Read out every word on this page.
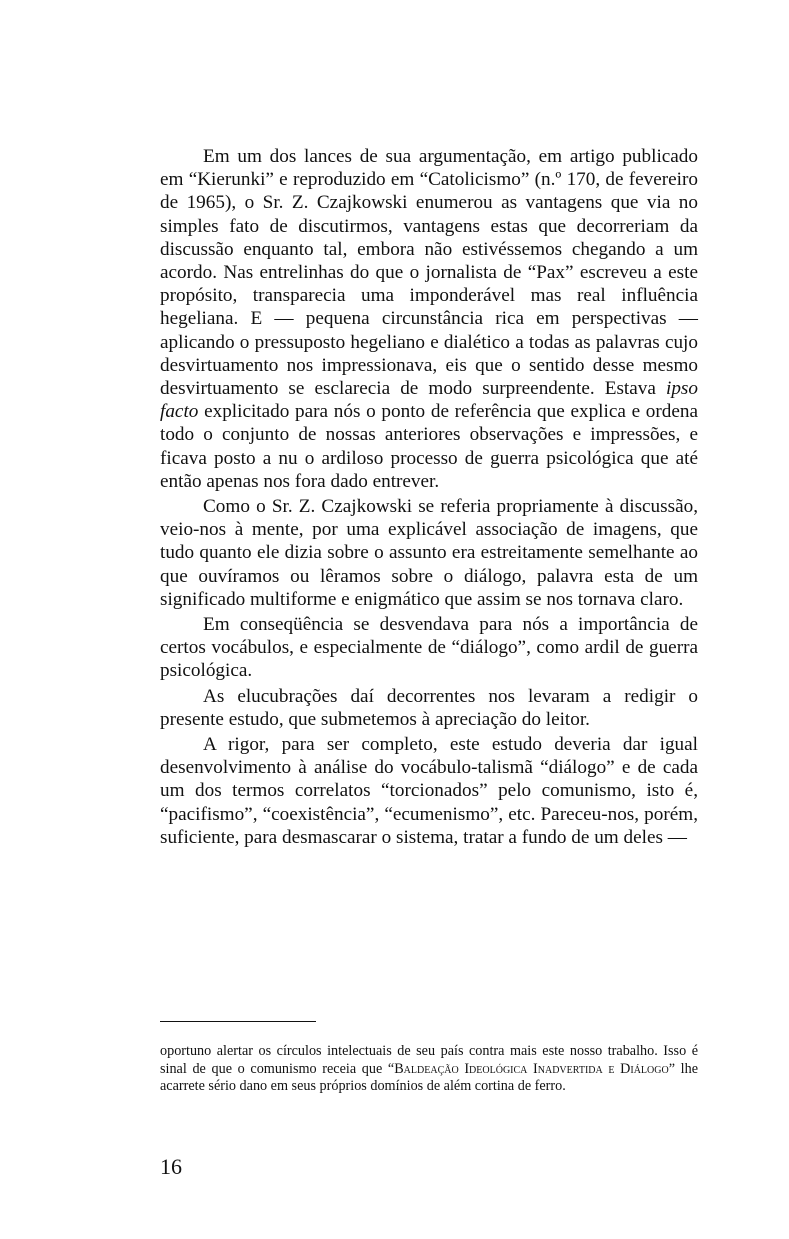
Em um dos lances de sua argumentação, em artigo publicado em “Kierunki” e reproduzido em “Catolicismo” (n.º 170, de fevereiro de 1965), o Sr. Z. Czajkowski enumerou as vantagens que via no simples fato de discutirmos, vantagens estas que decorreriam da discussão enquanto tal, embora não estivéssemos chegando a um acordo. Nas entrelinhas do que o jornalista de “Pax” escreveu a este propósito, transparecia uma imponderável mas real influência hegeliana. E — pequena circunstância rica em perspectivas — aplicando o pressuposto hegeliano e dialético a todas as palavras cujo desvirtuamento nos impressionava, eis que o sentido desse mesmo desvirtuamento se esclarecia de modo surpreendente. Estava ipso facto explicitado para nós o ponto de referência que explica e ordena todo o conjunto de nossas anteriores observações e impressões, e ficava posto a nu o ardiloso processo de guerra psicológica que até então apenas nos fora dado entrever.

Como o Sr. Z. Czajkowski se referia propriamente à discussão, veio-nos à mente, por uma explicável associação de imagens, que tudo quanto ele dizia sobre o assunto era estreitamente semelhante ao que ouvíramos ou lêramos sobre o diálogo, palavra esta de um significado multiforme e enigmático que assim se nos tornava claro.

Em conseqüência se desvendava para nós a importância de certos vocábulos, e especialmente de “diálogo”, como ardil de guerra psicológica.

As elucubrações daí decorrentes nos levaram a redigir o presente estudo, que submetemos à apreciação do leitor.

A rigor, para ser completo, este estudo deveria dar igual desenvolvimento à análise do vocábulo-talismã “diálogo” e de cada um dos termos correlatos “torcionados” pelo comunismo, isto é, “pacifismo”, “coexistência”, “ecumenismo”, etc. Pareceu-nos, porém, suficiente, para desmascarar o sistema, tratar a fundo de um deles —

oportuno alertar os círculos intelectuais de seu país contra mais este nosso trabalho. Isso é sinal de que o comunismo receia que “Baldeação Ideológica Inadvertida e Diálogo” lhe acarrete sério dano em seus próprios domínios de além cortina de ferro.

16
